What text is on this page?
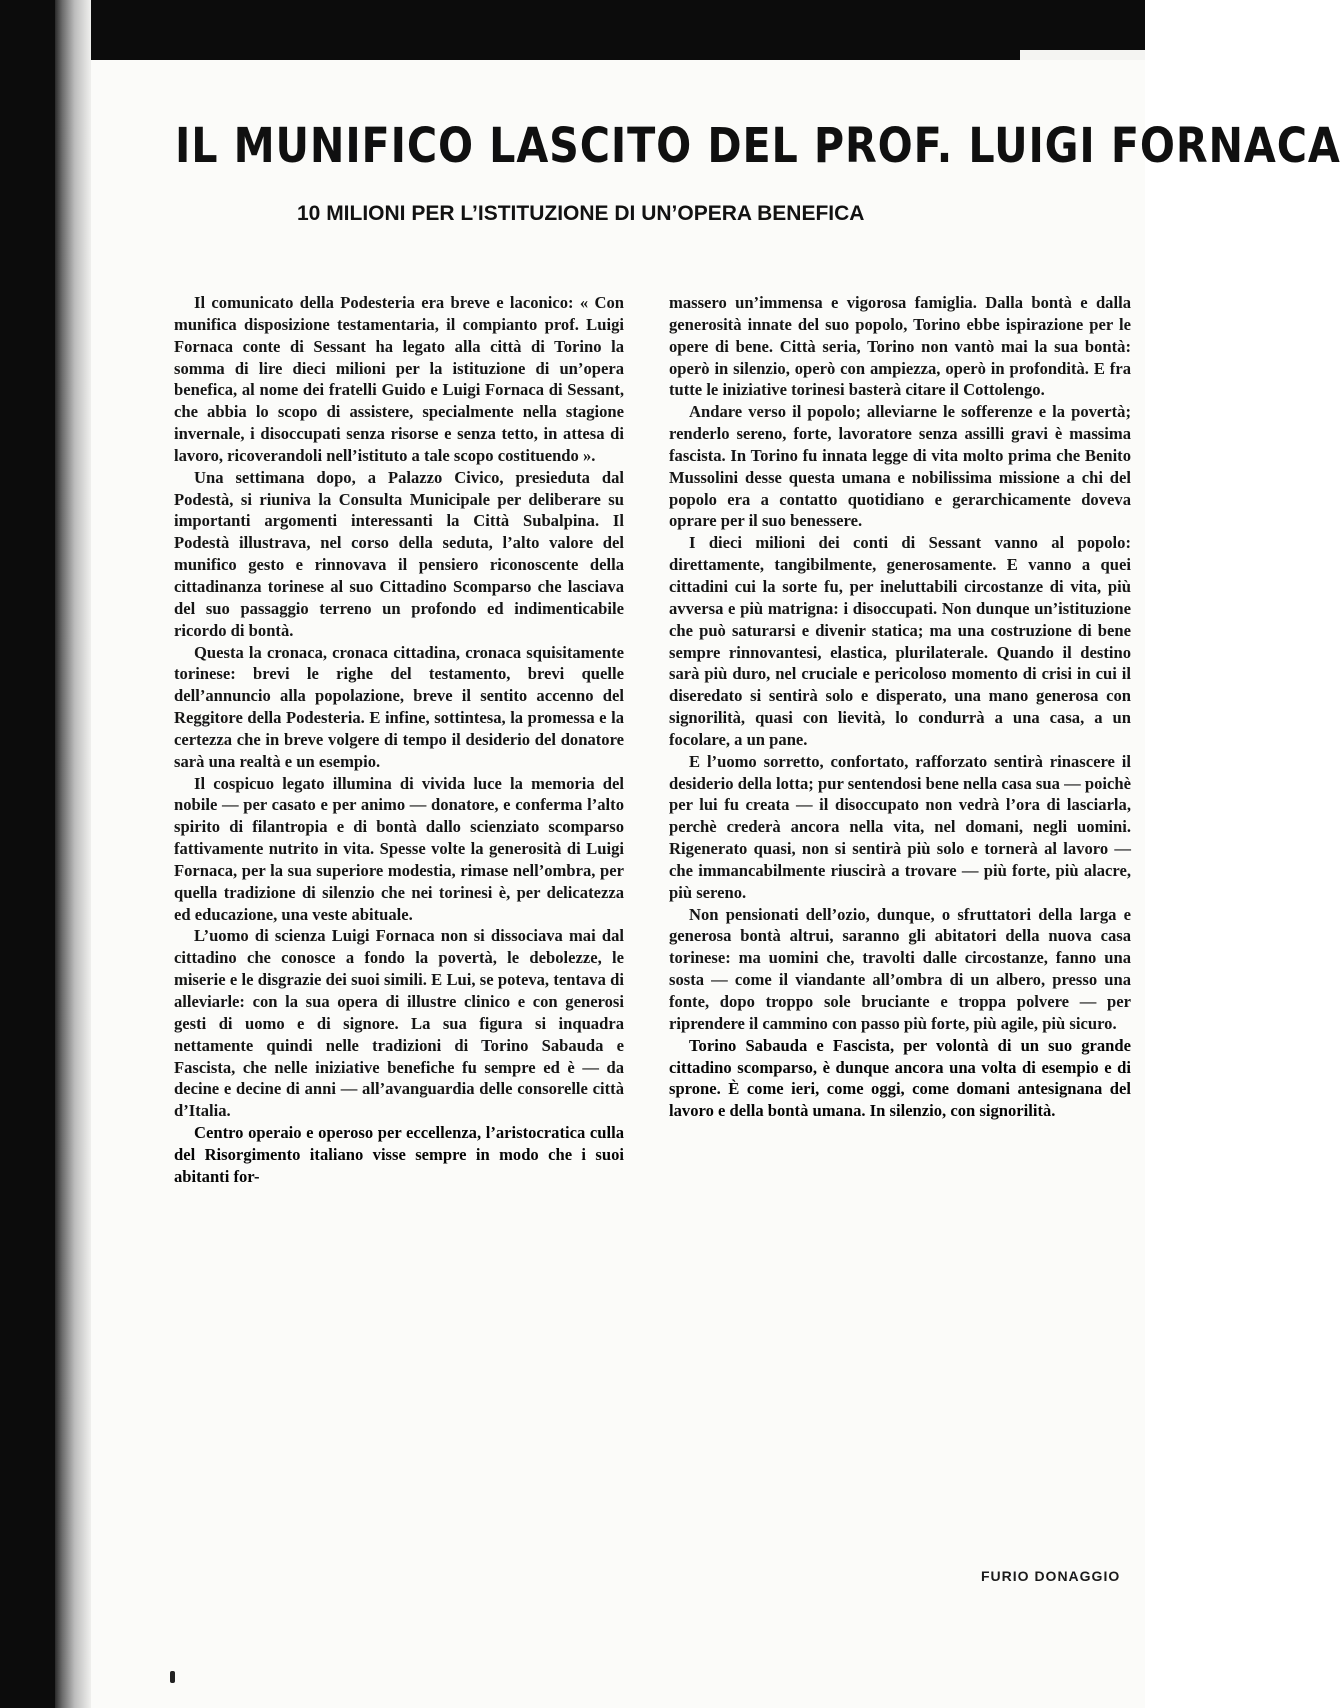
IL MUNIFICO LASCITO DEL PROF. LUIGI FORNACA
10 MILIONI PER L’ISTITUZIONE DI UN’OPERA BENEFICA

Il comunicato della Podesteria era breve e laconico: « Con munifica disposizione testamentaria, il compianto prof. Luigi Fornaca conte di Sessant ha legato alla città di Torino la somma di lire dieci milioni per la istituzione di un’opera benefica, al nome dei fratelli Guido e Luigi Fornaca di Sessant, che abbia lo scopo di assistere, specialmente nella stagione invernale, i disoccupati senza risorse e senza tetto, in attesa di lavoro, ricoverandoli nell’istituto a tale scopo costituendo ».

Una settimana dopo, a Palazzo Civico, presieduta dal Podestà, si riuniva la Consulta Municipale per deliberare su importanti argomenti interessanti la Città Subalpina. Il Podestà illustrava, nel corso della seduta, l’alto valore del munifico gesto e rinnovava il pensiero riconoscente della cittadinanza torinese al suo Cittadino Scomparso che lasciava del suo passaggio terreno un profondo ed indimenticabile ricordo di bontà.

Questa la cronaca, cronaca cittadina, cronaca squisitamente torinese: brevi le righe del testamento, brevi quelle dell’annuncio alla popolazione, breve il sentito accenno del Reggitore della Podesteria. E infine, sottintesa, la promessa e la certezza che in breve volgere di tempo il desiderio del donatore sarà una realtà e un esempio.

Il cospicuo legato illumina di vivida luce la memoria del nobile — per casato e per animo — donatore, e conferma l’alto spirito di filantropia e di bontà dallo scienziato scomparso fattivamente nutrito in vita. Spesse volte la generosità di Luigi Fornaca, per la sua superiore modestia, rimase nell’ombra, per quella tradizione di silenzio che nei torinesi è, per delicatezza ed educazione, una veste abituale.

L’uomo di scienza Luigi Fornaca non si dissociava mai dal cittadino che conosce a fondo la povertà, le debolezze, le miserie e le disgrazie dei suoi simili. E Lui, se poteva, tentava di alleviarle: con la sua opera di illustre clinico e con generosi gesti di uomo e di signore. La sua figura si inquadra nettamente quindi nelle tradizioni di Torino Sabauda e Fascista, che nelle iniziative benefiche fu sempre ed è — da decine e decine di anni — all’avanguardia delle consorelle città d’Italia.

Centro operaio e operoso per eccellenza, l’aristocratica culla del Risorgimento italiano visse sempre in modo che i suoi abitanti for-

massero un’immensa e vigorosa famiglia. Dalla bontà e dalla generosità innate del suo popolo, Torino ebbe ispirazione per le opere di bene. Città seria, Torino non vantò mai la sua bontà: operò in silenzio, operò con ampiezza, operò in profondità. E fra tutte le iniziative torinesi basterà citare il Cottolengo.

Andare verso il popolo; alleviarne le sofferenze e la povertà; renderlo sereno, forte, lavoratore senza assilli gravi è massima fascista. In Torino fu innata legge di vita molto prima che Benito Mussolini desse questa umana e nobilissima missione a chi del popolo era a contatto quotidiano e gerarchicamente doveva oprare per il suo benessere.

I dieci milioni dei conti di Sessant vanno al popolo: direttamente, tangibilmente, generosamente. E vanno a quei cittadini cui la sorte fu, per ineluttabili circostanze di vita, più avversa e più matrigna: i disoccupati. Non dunque un’istituzione che può saturarsi e divenir statica; ma una costruzione di bene sempre rinnovantesi, elastica, plurilaterale. Quando il destino sarà più duro, nel cruciale e pericoloso momento di crisi in cui il diseredato si sentirà solo e disperato, una mano generosa con signorilità, quasi con lievità, lo condurrà a una casa, a un focolare, a un pane.

E l’uomo sorretto, confortato, rafforzato sentirà rinascere il desiderio della lotta; pur sentendosi bene nella casa sua — poichè per lui fu creata — il disoccupato non vedrà l’ora di lasciarla, perchè crederà ancora nella vita, nel domani, negli uomini. Rigenerato quasi, non si sentirà più solo e tornerà al lavoro — che immancabilmente riuscirà a trovare — più forte, più alacre, più sereno.

Non pensionati dell’ozio, dunque, o sfruttatori della larga e generosa bontà altrui, saranno gli abitatori della nuova casa torinese: ma uomini che, travolti dalle circostanze, fanno una sosta — come il viandante all’ombra di un albero, presso una fonte, dopo troppo sole bruciante e troppa polvere — per riprendere il cammino con passo più forte, più agile, più sicuro.

Torino Sabauda e Fascista, per volontà di un suo grande cittadino scomparso, è dunque ancora una volta di esempio e di sprone. È come ieri, come oggi, come domani antesignana del lavoro e della bontà umana. In silenzio, con signorilità.

FURIO DONAGGIO
